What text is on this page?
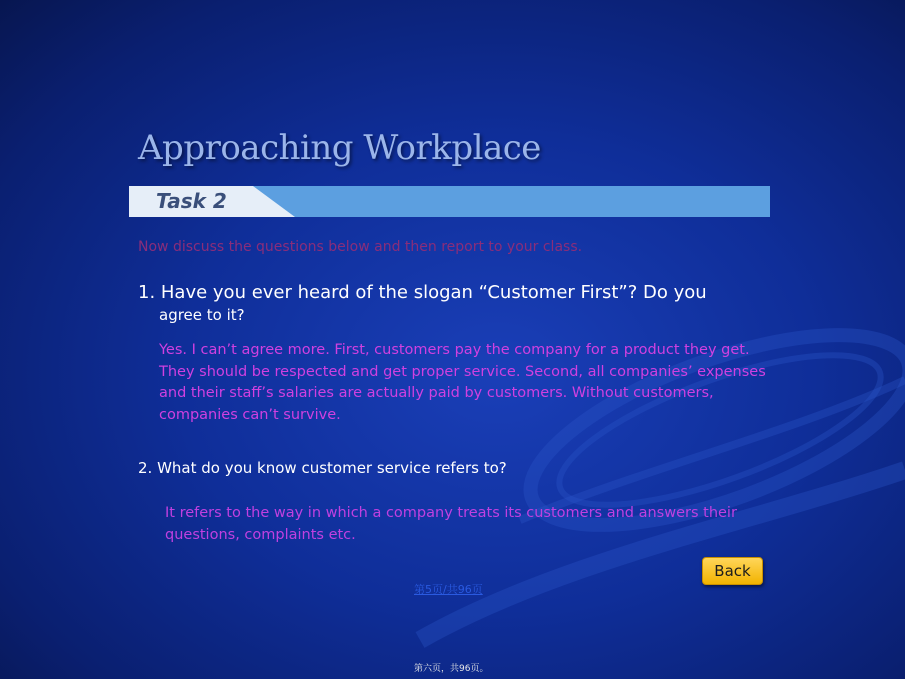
Approaching Workplace
Task 2
Now discuss the questions below and then report to your class.
1. Have you ever heard of the slogan “Customer First”? Do you
agree to it?
Yes. I can’t agree more. First, customers pay the company for a product they get.
They should be respected and get proper service. Second, all companies’ expenses
and their staff’s salaries are actually paid by customers. Without customers,
companies can’t survive.
2. What do you know customer service refers to?
It refers to the way in which a company treats its customers and answers their
questions, complaints etc.
Back
第5页/共96页
第六页，共96页。
